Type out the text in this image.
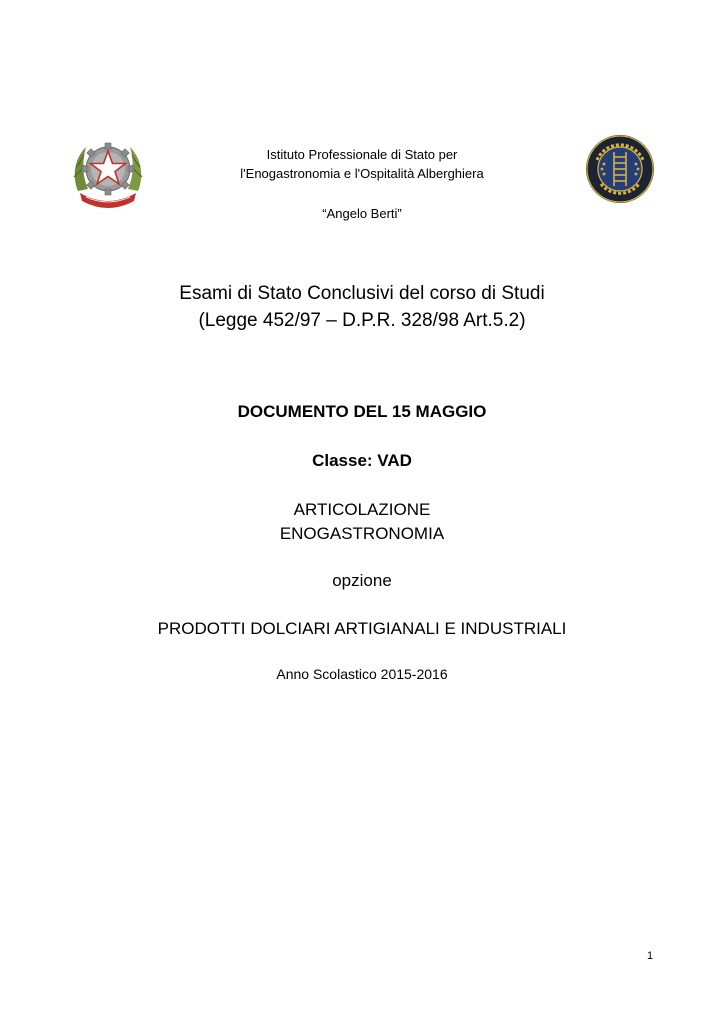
Istituto Professionale di Stato per
l'Enogastronomia e l'Ospitalità Alberghiera
“Angelo Berti”
Esami di Stato Conclusivi del corso di Studi
(Legge 452/97 – D.P.R. 328/98 Art.5.2)
DOCUMENTO DEL 15 MAGGIO
Classe: VAD
ARTICOLAZIONE
ENOGASTRONOMIA
opzione
PRODOTTI DOLCIARI ARTIGIANALI E INDUSTRIALI
Anno Scolastico 2015-2016
1
